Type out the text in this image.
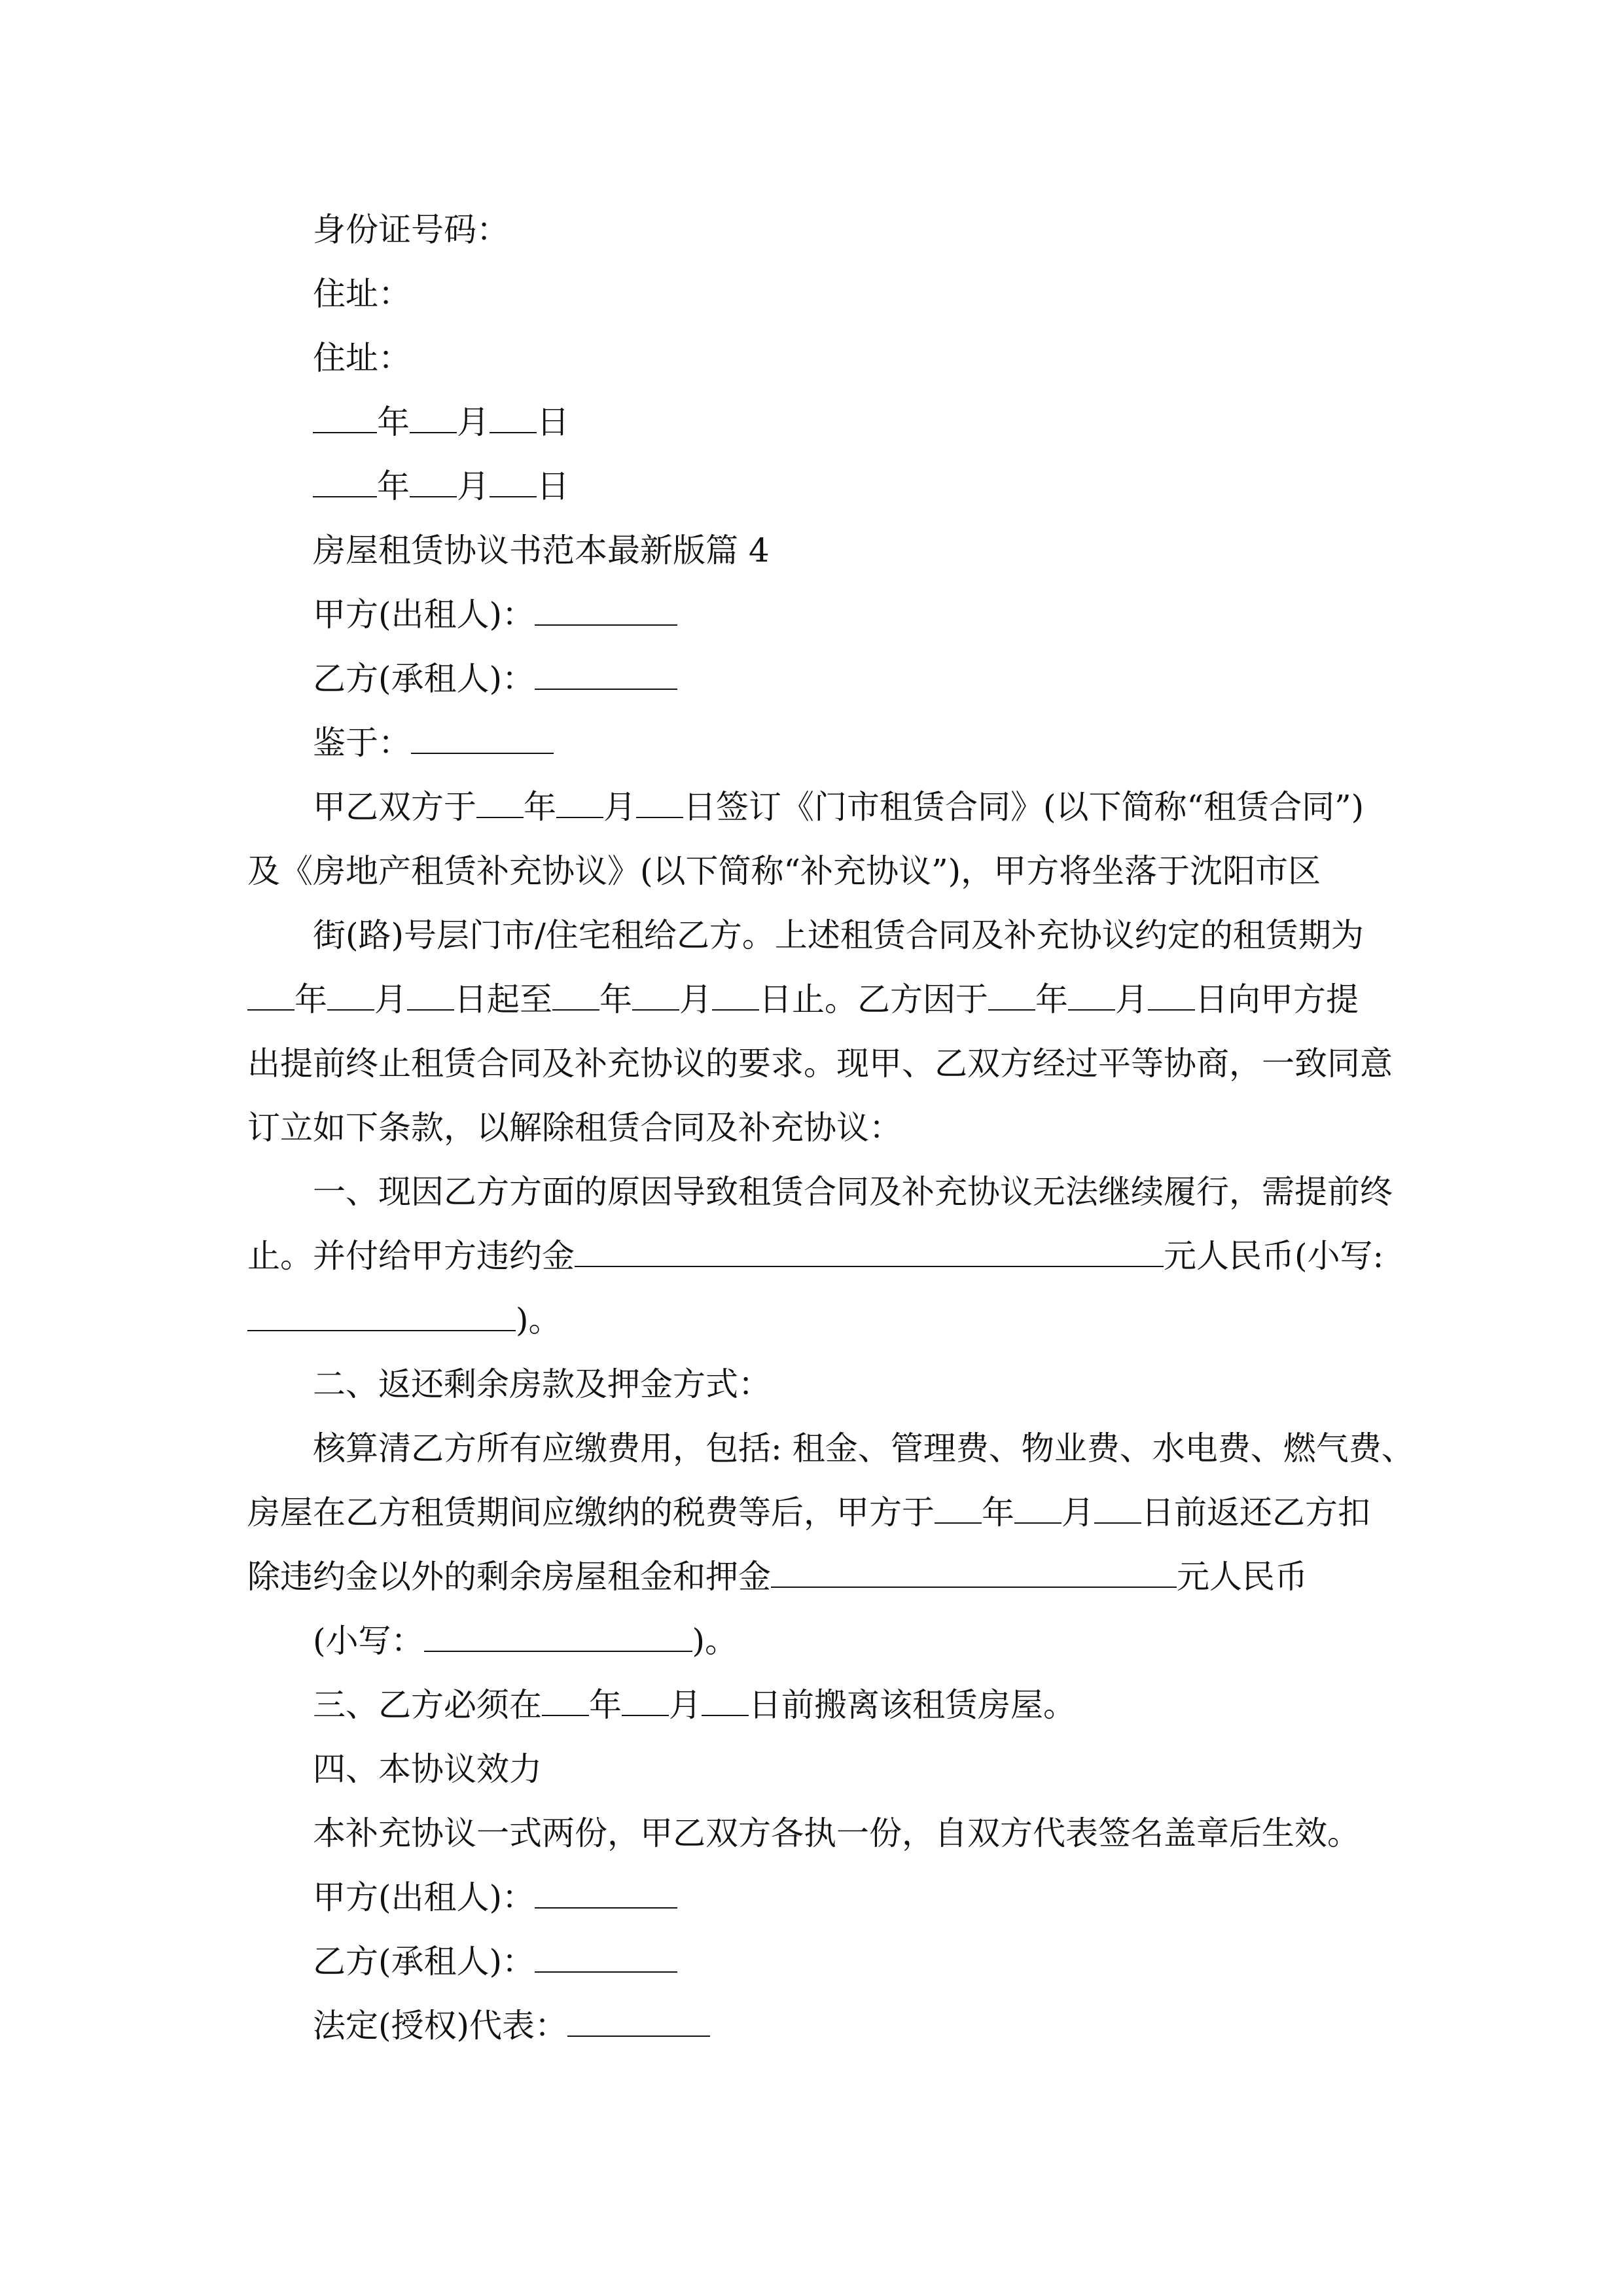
身份证号码：
住址：
住址：
年 月 日
年 月 日
房屋租赁协议书范本最新版篇 4
甲方(出租人)：
乙方(承租人)：
鉴于：
甲乙双方于 年 月 日签订《门市租赁合同》(以下简称“租赁合同”)
及《房地产租赁补充协议》(以下简称“补充协议”)，甲方将坐落于沈阳市区
街(路)号层门市/住宅租给乙方。上述租赁合同及补充协议约定的租赁期为
年 月 日起至 年 月 日止。乙方因于 年 月 日向甲方提
出提前终止租赁合同及补充协议的要求。现甲、乙双方经过平等协商，一致同意
订立如下条款，以解除租赁合同及补充协议：
一、现因乙方方面的原因导致租赁合同及补充协议无法继续履行，需提前终
止。并付给甲方违约金	元人民币(小写:
)。
二、返还剩余房款及押金方式：
核算清乙方所有应缴费用，包括: 租金、管理费、物业费、水电费、燃气费、
房屋在乙方租赁期间应缴纳的税费等后，甲方于 年 月 日前返还乙方扣
除违约金以外的剩余房屋租金和押金	元人民币
(小写：	)。
三、乙方必须在 年 月 日前搬离该租赁房屋。
四、本协议效力
本补充协议一式两份，甲乙双方各执一份，自双方代表签名盖章后生效。
甲方(出租人)：
乙方(承租人)：
法定(授权)代表：
